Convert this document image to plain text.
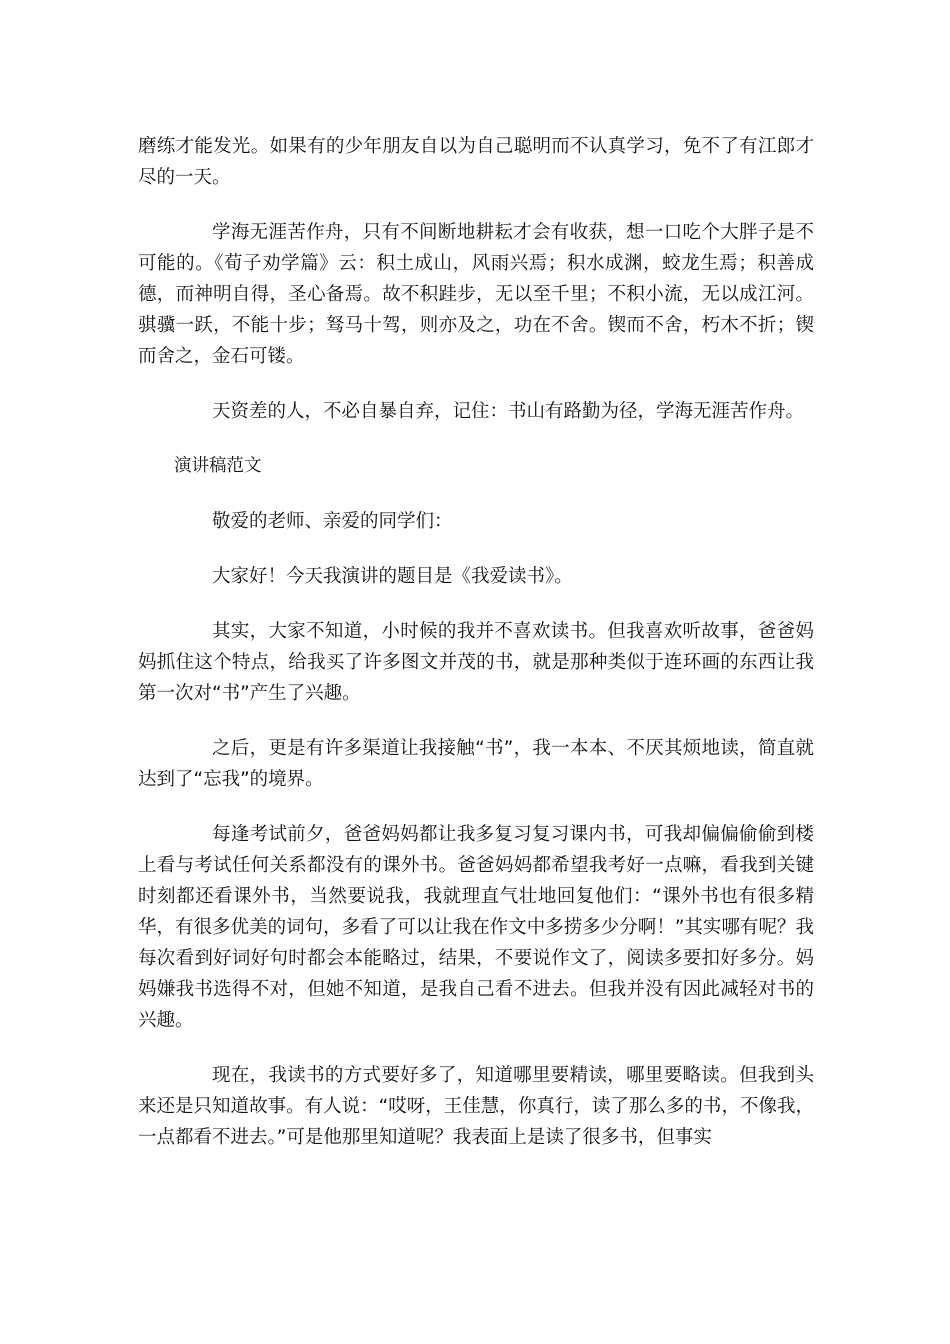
磨练才能发光。如果有的少年朋友自以为自己聪明而不认真学习，免不了有江郎才尽的一天。

学海无涯苦作舟，只有不间断地耕耘才会有收获，想一口吃个大胖子是不可能的。《荀子劝学篇》云：积土成山，风雨兴焉；积水成渊，蛟龙生焉；积善成德，而神明自得，圣心备焉。故不积跬步，无以至千里；不积小流，无以成江河。骐骥一跃，不能十步；驽马十驾，则亦及之，功在不舍。锲而不舍，朽木不折；锲而舍之，金石可镂。

天资差的人，不必自暴自弃，记住：书山有路勤为径，学海无涯苦作舟。

演讲稿范文

敬爱的老师、亲爱的同学们：

大家好！今天我演讲的题目是《我爱读书》。

其实，大家不知道，小时候的我并不喜欢读书。但我喜欢听故事，爸爸妈妈抓住这个特点，给我买了许多图文并茂的书，就是那种类似于连环画的东西让我第一次对“书”产生了兴趣。

之后，更是有许多渠道让我接触“书”，我一本本、不厌其烦地读，简直就达到了“忘我”的境界。

每逢考试前夕，爸爸妈妈都让我多复习复习课内书，可我却偏偏偷偷到楼上看与考试任何关系都没有的课外书。爸爸妈妈都希望我考好一点嘛，看我到关键时刻都还看课外书，当然要说我，我就理直气壮地回复他们：“课外书也有很多精华，有很多优美的词句，多看了可以让我在作文中多捞多少分啊！”其实哪有呢？我每次看到好词好句时都会本能略过，结果，不要说作文了，阅读多要扣好多分。妈妈嫌我书选得不对，但她不知道，是我自己看不进去。但我并没有因此减轻对书的兴趣。

现在，我读书的方式要好多了，知道哪里要精读，哪里要略读。但我到头来还是只知道故事。有人说：“哎呀，王佳慧，你真行，读了那么多的书，不像我，一点都看不进去。”可是他那里知道呢？我表面上是读了很多书，但事实
